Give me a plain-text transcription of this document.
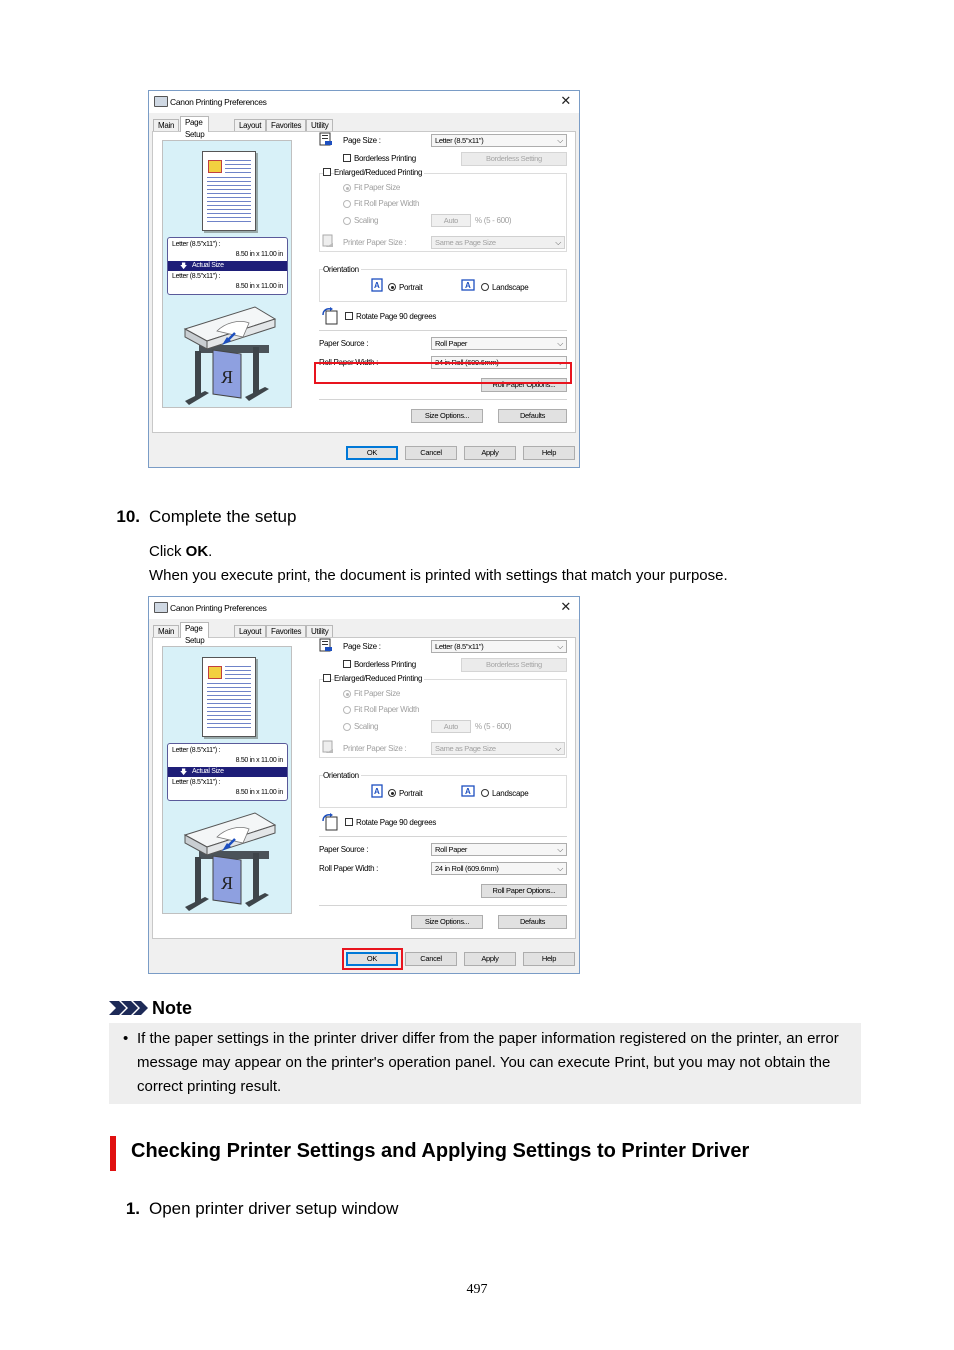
Canon Printing Preferences	✕
Main	Page Setup
Layout	Favorites	Utility
Letter (8.5"x11") :
8.50 in x 11.00 in
🡇 Actual Size
Letter (8.5"x11") :
8.50 in x 11.00 in
R
Page Size :	Letter (8.5"x11")	⌵
Borderless Printing	Borderless Setting
Enlarged/Reduced Printing
Fit Paper Size
Fit Roll Paper Width
Scaling	Auto	% (5 - 600)
Printer Paper Size :	Same as Page Size	⌵
Orientation
A Portrait	A	Landscape
Rotate Page 90 degrees
Paper Source :	Roll Paper	⌵
Roll Paper Width :	24 in Roll (609.6mm)	⌵
Roll Paper Options...
Size Options...	Defaults
OK	Cancel	Apply	Help
10. Complete the setup
Click OK.
When you execute print, the document is printed with settings that match your purpose.
Canon Printing Preferences	✕
Main	Page Setup
Layout	Favorites	Utility
Letter (8.5"x11") :
8.50 in x 11.00 in
🡇 Actual Size
Letter (8.5"x11") :
8.50 in x 11.00 in
R
Page Size :	Letter (8.5"x11")	⌵
Borderless Printing	Borderless Setting
Enlarged/Reduced Printing
Fit Paper Size
Fit Roll Paper Width
Scaling	Auto	% (5 - 600)
Printer Paper Size :	Same as Page Size	⌵
Orientation
A Portrait	A	Landscape
Rotate Page 90 degrees
Paper Source :	Roll Paper	⌵
Roll Paper Width :	24 in Roll (609.6mm)	⌵
Roll Paper Options...
Size Options...	Defaults
OK	Cancel	Apply	Help
Note
• If the paper settings in the printer driver differ from the paper information registered on the printer, an error message may appear on the printer's operation panel. You can execute Print, but you may not obtain the correct printing result.
Checking Printer Settings and Applying Settings to Printer Driver
1. Open printer driver setup window
497
